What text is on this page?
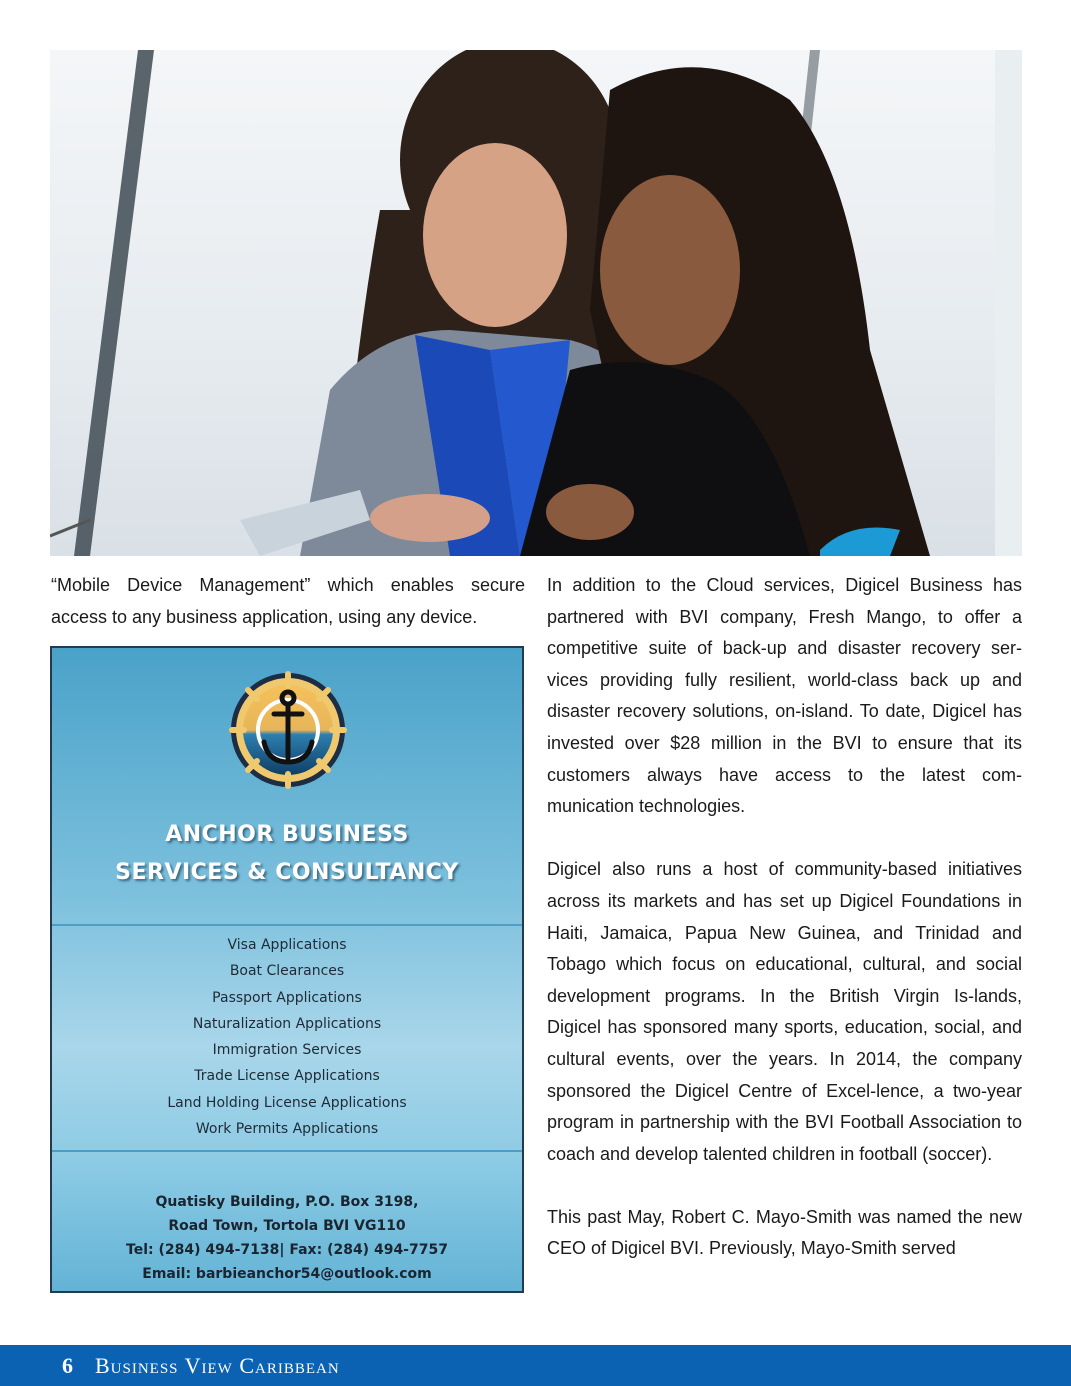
“Mobile Device Management” which enables secure access to any business application, using any device.

In addition to the Cloud services, Digicel Business has partnered with BVI company, Fresh Mango, to offer a competitive suite of back-up and disaster recovery ser-vices providing fully resilient, world-class back up and disaster recovery solutions, on-island. To date, Digicel has invested over $28 million in the BVI to ensure that its customers always have access to the latest com-munication technologies.

Digicel also runs a host of community-based initiatives across its markets and has set up Digicel Foundations in Haiti, Jamaica, Papua New Guinea, and Trinidad and Tobago which focus on educational, cultural, and social development programs. In the British Virgin Is-lands, Digicel has sponsored many sports, education, social, and cultural events, over the years. In 2014, the company sponsored the Digicel Centre of Excel-lence, a two-year program in partnership with the BVI Football Association to coach and develop talented children in football (soccer).

This past May, Robert C. Mayo-Smith was named the new CEO of Digicel BVI. Previously, Mayo-Smith served

ANCHOR BUSINESS
SERVICES & CONSULTANCY
Visa Applications
Boat Clearances
Passport Applications
Naturalization Applications
Immigration Services
Trade License Applications
Land Holding License Applications
Work Permits Applications
Quatisky Building, P.O. Box 3198,
Road Town, Tortola BVI VG110
Tel: (284) 494-7138| Fax: (284) 494-7757
Email: barbieanchor54@outlook.com
6 Business View Caribbean
